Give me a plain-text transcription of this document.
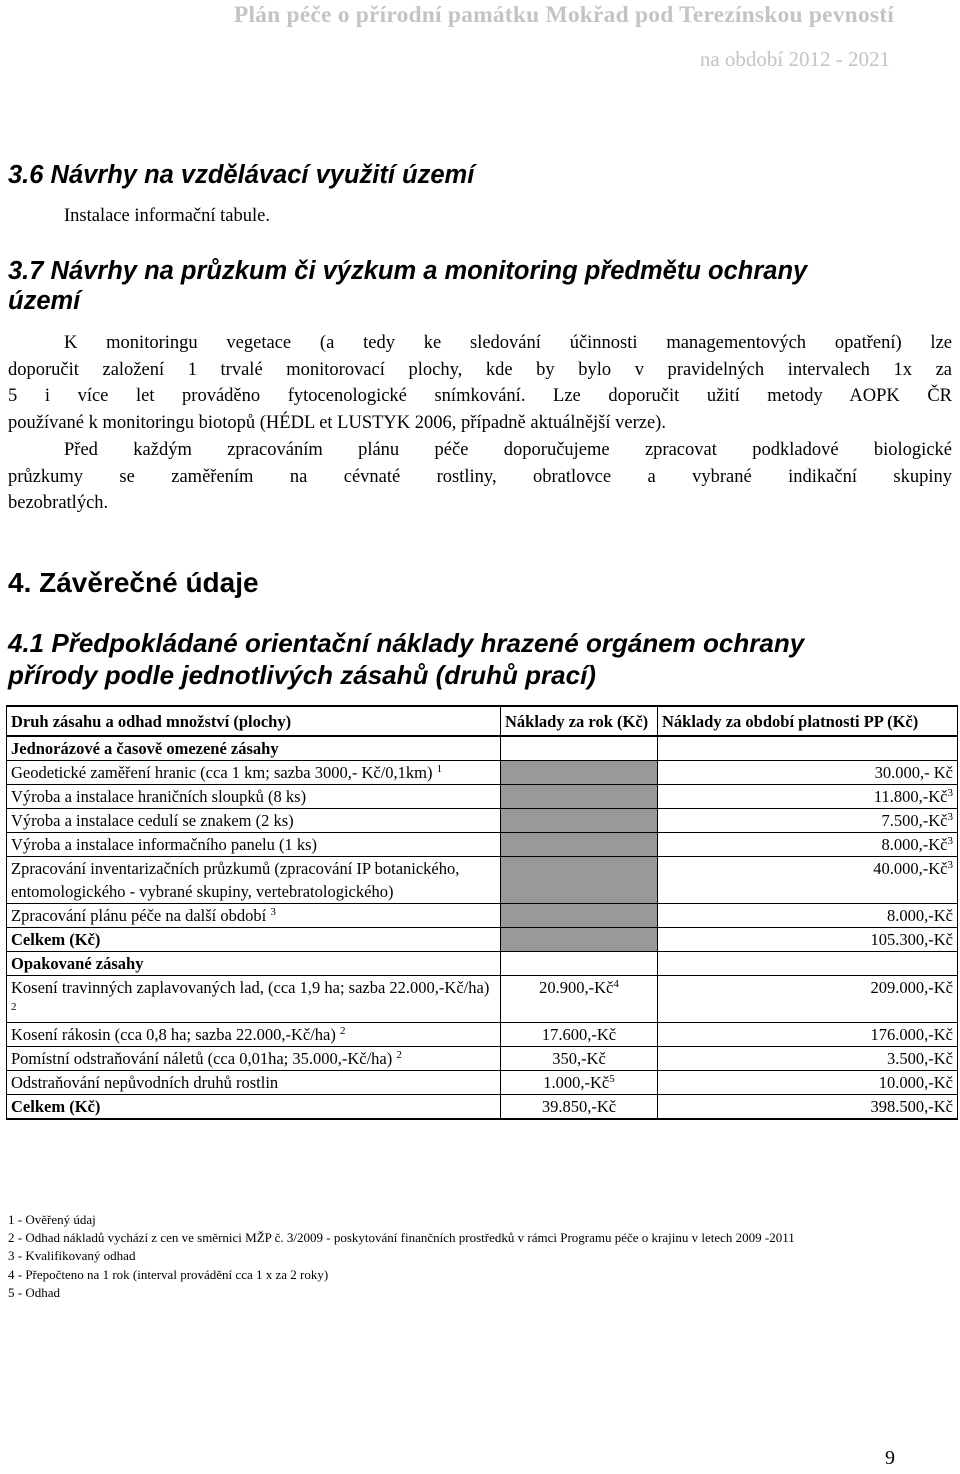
Plán péče o přírodní památku Mokřad pod Terezínskou pevností
na období 2012 - 2021
3.6 Návrhy na vzdělávací využití území
Instalace informační tabule.
3.7 Návrhy na průzkum či výzkum a monitoring předmětu ochrany
území
K monitoringu vegetace (a tedy ke sledování účinnosti managementových opatření) lze
doporučit založení 1 trvalé monitorovací plochy, kde by bylo v pravidelných intervalech 1x za
5 i více let prováděno fytocenologické snímkování. Lze doporučit užití metody AOPK ČR
používané k monitoringu biotopů (HÉDL et LUSTYK 2006, případně aktuálnější verze).
Před každým zpracováním plánu péče doporučujeme zpracovat podkladové biologické
průzkumy se zaměřením na cévnaté rostliny, obratlovce a vybrané indikační skupiny
bezobratlých.
4. Závěrečné údaje
4.1 Předpokládané orientační náklady hrazené orgánem ochrany
přírody podle jednotlivých zásahů (druhů prací)
Druh zásahu a odhad množství (plochy)	Náklady za rok (Kč)	Náklady za období platnosti PP (Kč)
Jednorázové a časově omezené zásahy		
Geodetické zaměření hranic (cca 1 km; sazba 3000,- Kč/0,1km) $^1$		30.000,- Kč
Výroba a instalace hraničních sloupků (8 ks)		$11.800,-Kč^3$
Výroba a instalace cedulí se znakem (2 ks)		$7.500,-Kč^3$
Výroba a instalace informačního panelu (1 ks)		$8.000,-Kč^3$
Zpracování inventarizačních průzkumů (zpracování IP botanického, entomologického - vybrané skupiny, vertebratologického)		$40.000,-Kč^3$
Zpracování plánu péče na další období $^3$		8.000,-Kč
Celkem (Kč)		105.300,-Kč
Opakované zásahy		
Kosení travinných zaplavovaných lad, (cca 1,9 ha; sazba 22.000,-Kč/ha) $^2$	$20.900,-Kč^4$	209.000,-Kč
Kosení rákosin (cca 0,8 ha; sazba 22.000,-Kč/ha) $^2$	17.600,-Kč	176.000,-Kč
Pomístní odstraňování náletů (cca 0,01ha; 35.000,-Kč/ha) $^2$	350,-Kč	3.500,-Kč
Odstraňování nepůvodních druhů rostlin	$1.000,-Kč^5$	10.000,-Kč
Celkem (Kč)	39.850,-Kč	398.500,-Kč
1 - Ověřený údaj
2 - Odhad nákladů vychází z cen ve směrnici MŽP č. 3/2009 - poskytování finančních prostředků v rámci Programu péče o krajinu v letech 2009 -2011
3 - Kvalifikovaný odhad
4 - Přepočteno na 1 rok (interval provádění cca 1 x za 2 roky)
5 - Odhad
9
